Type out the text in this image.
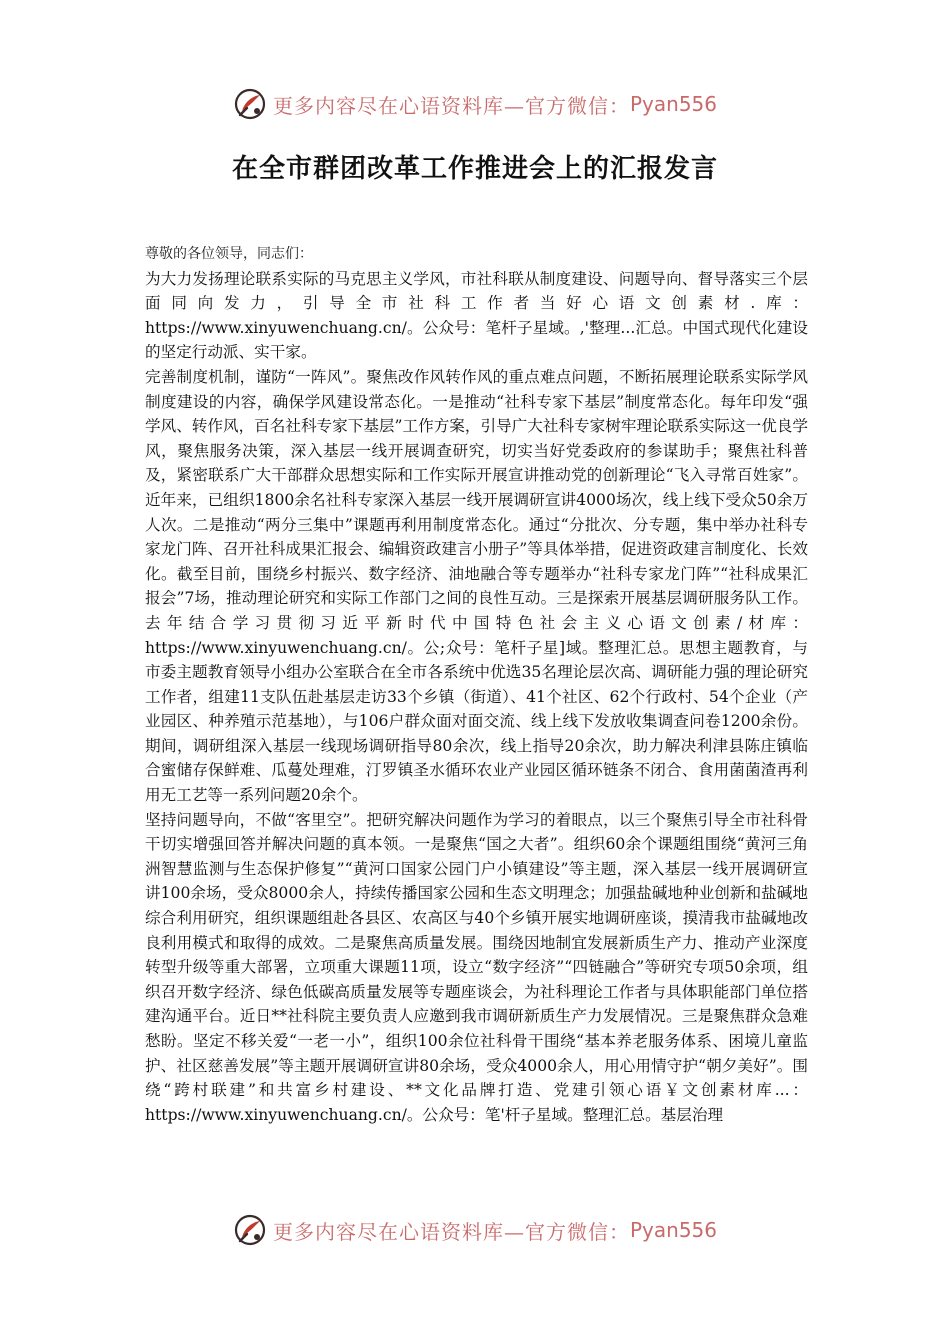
更多内容尽在心语资料库—官方微信： Pyan556
在全市群团改革工作推进会上的汇报发言
尊敬的各位领导，同志们：

为大力发扬理论联系实际的马克思主义学风，市社科联从制度建设、问题导向、督导落实三个层面同向发力，引导全市社科工作者当好心语文创素材.库：https://www.xinyuwenchuang.cn/。公众号：笔杆子星域。,'整理...汇总。中国式现代化建设的坚定行动派、实干家。

完善制度机制，谨防“一阵风”。聚焦改作风转作风的重点难点问题，不断拓展理论联系实际学风制度建设的内容，确保学风建设常态化。一是推动“社科专家下基层”制度常态化。每年印发“强学风、转作风，百名社科专家下基层”工作方案，引导广大社科专家树牢理论联系实际这一优良学风，聚焦服务决策，深入基层一线开展调查研究，切实当好党委政府的参谋助手；聚焦社科普及，紧密联系广大干部群众思想实际和工作实际开展宣讲推动党的创新理论“飞入寻常百姓家”。近年来，已组织1800余名社科专家深入基层一线开展调研宣讲4000场次，线上线下受众50余万人次。二是推动“两分三集中”课题再利用制度常态化。通过“分批次、分专题，集中举办社科专家龙门阵、召开社科成果汇报会、编辑资政建言小册子”等具体举措，促进资政建言制度化、长效化。截至目前，围绕乡村振兴、数字经济、油地融合等专题举办“社科专家龙门阵”“社科成果汇报会”7场，推动理论研究和实际工作部门之间的良性互动。三是探索开展基层调研服务队工作。去年结合学习贯彻习近平新时代中国特色社会主义心语文创素/材库：https://www.xinyuwenchuang.cn/。公;众号：笔杆子星]域。整理汇总。思想主题教育，与市委主题教育领导小组办公室联合在全市各系统中优选35名理论层次高、调研能力强的理论研究工作者，组建11支队伍赴基层走访33个乡镇（街道）、41个社区、62个行政村、54个企业（产业园区、种养殖示范基地），与106户群众面对面交流、线上线下发放收集调查问卷1200余份。期间，调研组深入基层一线现场调研指导80余次，线上指导20余次，助力解决利津县陈庄镇临合蜜储存保鲜难、瓜蔓处理难，汀罗镇圣水循环农业产业园区循环链条不闭合、食用菌菌渣再利用无工艺等一系列问题20余个。

坚持问题导向，不做“客里空”。把研究解决问题作为学习的着眼点，以三个聚焦引导全市社科骨干切实增强回答并解决问题的真本领。一是聚焦“国之大者”。组织60余个课题组围绕“黄河三角洲智慧监测与生态保护修复”“黄河口国家公园门户小镇建设”等主题，深入基层一线开展调研宣讲100余场，受众8000余人，持续传播国家公园和生态文明理念；加强盐碱地种业创新和盐碱地综合利用研究，组织课题组赴各县区、农高区与40个乡镇开展实地调研座谈，摸清我市盐碱地改良利用模式和取得的成效。二是聚焦高质量发展。围绕因地制宜发展新质生产力、推动产业深度转型升级等重大部署，立项重大课题11项，设立“数字经济”“四链融合”等研究专项50余项，组织召开数字经济、绿色低碳高质量发展等专题座谈会，为社科理论工作者与具体职能部门单位搭建沟通平台。近日**社科院主要负责人应邀到我市调研新质生产力发展情况。三是聚焦群众急难愁盼。坚定不移关爱“一老一小”，组织100余位社科骨干围绕“基本养老服务体系、困境儿童监护、社区慈善发展”等主题开展调研宣讲80余场，受众4000余人，用心用情守护“朝夕美好”。围绕“跨村联建”和共富乡村建设、**文化品牌打造、党建引领心语￥文创素材库...：https://www.xinyuwenchuang.cn/。公众号：笔'杆子星域。整理汇总。基层治理

更多内容尽在心语资料库—官方微信： Pyan556
